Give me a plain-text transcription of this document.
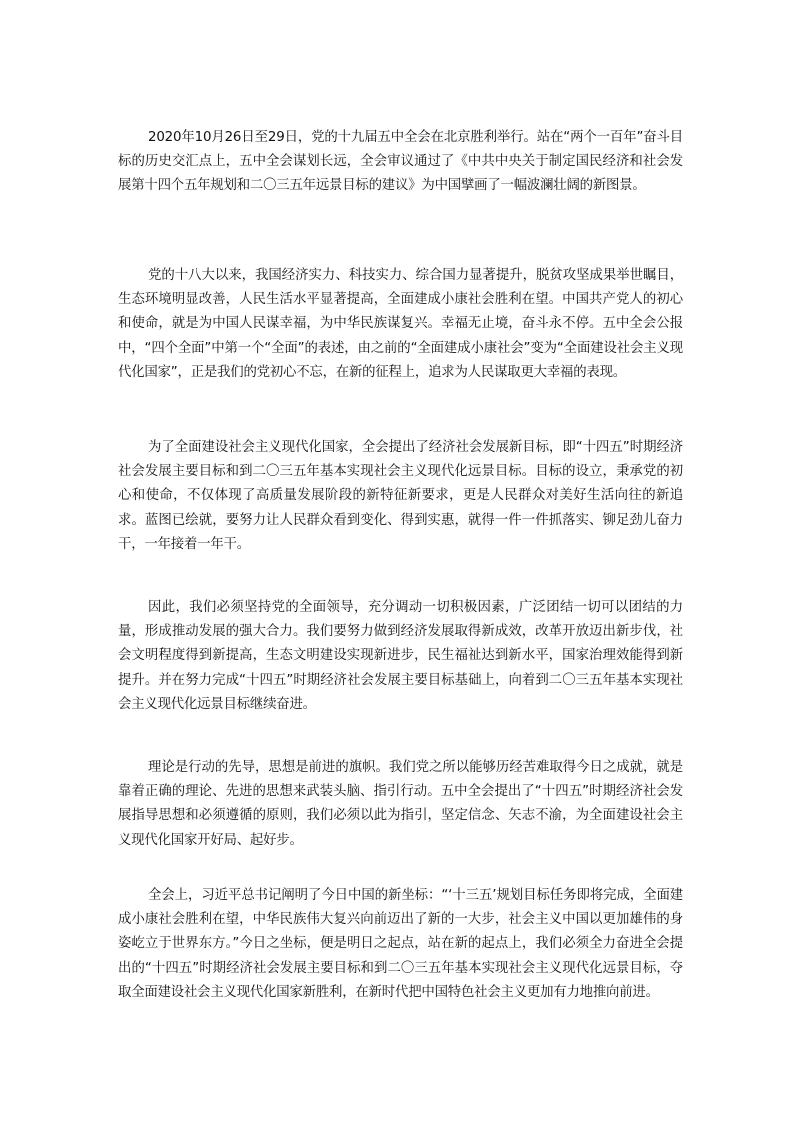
2020年10月26日至29日，党的十九届五中全会在北京胜利举行。站在“两个一百年”奋斗目标的历史交汇点上，五中全会谋划长远，全会审议通过了《中共中央关于制定国民经济和社会发展第十四个五年规划和二〇三五年远景目标的建议》为中国擘画了一幅波澜壮阔的新图景。

党的十八大以来，我国经济实力、科技实力、综合国力显著提升，脱贫攻坚成果举世瞩目，生态环境明显改善，人民生活水平显著提高，全面建成小康社会胜利在望。中国共产党人的初心和使命，就是为中国人民谋幸福，为中华民族谋复兴。幸福无止境，奋斗永不停。五中全会公报中，“四个全面”中第一个“全面”的表述，由之前的“全面建成小康社会”变为“全面建设社会主义现代化国家”，正是我们的党初心不忘，在新的征程上，追求为人民谋取更大幸福的表现。

为了全面建设社会主义现代化国家，全会提出了经济社会发展新目标，即“十四五”时期经济社会发展主要目标和到二〇三五年基本实现社会主义现代化远景目标。目标的设立，秉承党的初心和使命，不仅体现了高质量发展阶段的新特征新要求，更是人民群众对美好生活向往的新追求。蓝图已绘就，要努力让人民群众看到变化、得到实惠，就得一件一件抓落实、铆足劲儿奋力干，一年接着一年干。

因此，我们必须坚持党的全面领导，充分调动一切积极因素，广泛团结一切可以团结的力量，形成推动发展的强大合力。我们要努力做到经济发展取得新成效，改革开放迈出新步伐，社会文明程度得到新提高，生态文明建设实现新进步，民生福祉达到新水平，国家治理效能得到新提升。并在努力完成“十四五”时期经济社会发展主要目标基础上，向着到二〇三五年基本实现社会主义现代化远景目标继续奋进。

理论是行动的先导，思想是前进的旗帜。我们党之所以能够历经苦难取得今日之成就，就是靠着正确的理论、先进的思想来武装头脑、指引行动。五中全会提出了“十四五”时期经济社会发展指导思想和必须遵循的原则，我们必须以此为指引，坚定信念、矢志不渝，为全面建设社会主义现代化国家开好局、起好步。

全会上，习近平总书记阐明了今日中国的新坐标：“‘十三五’规划目标任务即将完成，全面建成小康社会胜利在望，中华民族伟大复兴向前迈出了新的一大步，社会主义中国以更加雄伟的身姿屹立于世界东方。”今日之坐标，便是明日之起点，站在新的起点上，我们必须全力奋进全会提出的“十四五”时期经济社会发展主要目标和到二〇三五年基本实现社会主义现代化远景目标，夺取全面建设社会主义现代化国家新胜利，在新时代把中国特色社会主义更加有力地推向前进。
